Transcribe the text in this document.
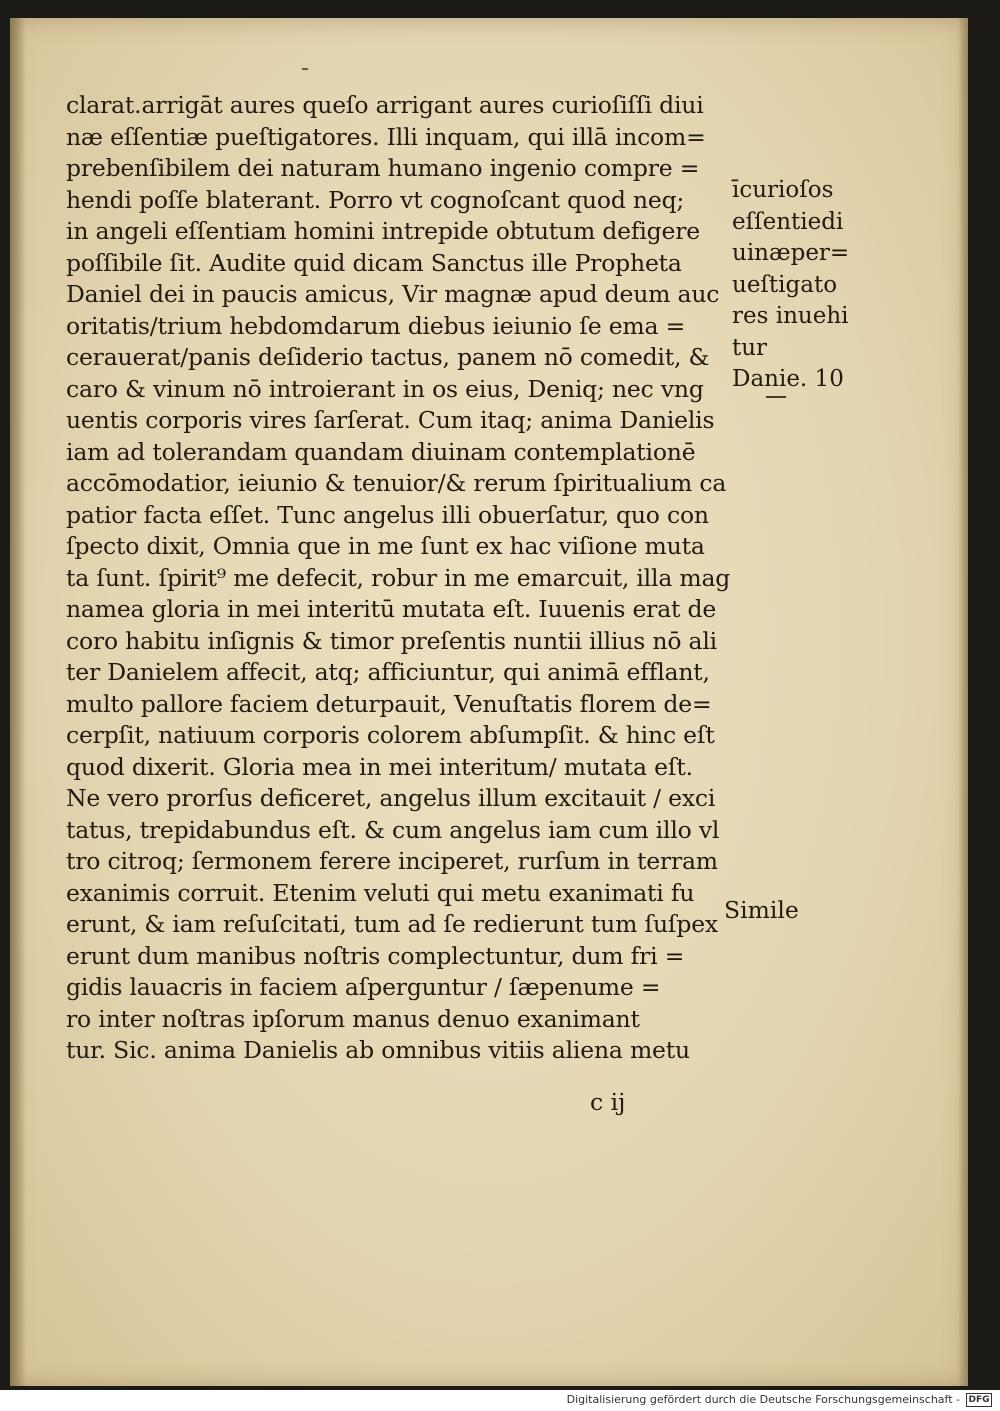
clarat.arrigāt aures queſo arrigant aures curioſiſſi diui
næ eſſentiæ pueſtigatores. Illi inquam, qui illā incom=
prebenſibilem dei naturam humano ingenio compre =
hendi poſſe blaterant. Porro vt cognoſcant quod neq;
in angeli eſſentiam homini intrepide obtutum defigere
poſſibile ſit. Audite quid dicam Sanctus ille Propheta
Daniel dei in paucis amicus, Vir magnæ apud deum auc
oritatis/trium hebdomdarum diebus ieiunio ſe ema =
cerauerat/panis deſiderio tactus, panem nō comedit, &
caro & vinum nō introierant in os eius, Deniq; nec vng
uentis corporis vires ſarſerat. Cum itaq; anima Danielis
iam ad tolerandam quandam diuinam contemplationē
accōmodatior, ieiunio & tenuior/& rerum ſpiritualium ca
patior facta eſſet. Tunc angelus illi obuerſatur, quo con
ſpecto dixit, Omnia que in me ſunt ex hac viſione muta
ta ſunt. ſpirit⁹ me defecit, robur in me emarcuit, illa mag
namea gloria in mei interitū mutata eſt. Iuuenis erat de
coro habitu inſignis & timor preſentis nuntii illius nō ali
ter Danielem affecit, atq; afficiuntur, qui animā efflant,
multo pallore faciem deturpauit, Venuſtatis florem de=
cerpſit, natiuum corporis colorem abſumpſit. & hinc eſt
quod dixerit. Gloria mea in mei interitum/ mutata eſt.
Ne vero prorſus deficeret, angelus illum excitauit / exci
tatus, trepidabundus eſt. & cum angelus iam cum illo vl
tro citroq; ſermonem ferere inciperet, rurſum in terram
exanimis corruit. Etenim veluti qui metu exanimati fu
erunt, & iam reſuſcitati, tum ad ſe redierunt tum ſuſpex
erunt dum manibus noſtris complectuntur, dum fri =
gidis lauacris in faciem aſperguntur / ſæpenume =
ro inter noſtras ipſorum manus denuo exanimant
tur. Sic. anima Danielis ab omnibus vitiis aliena metu
īcurioſos
eſſentiedi
uinæper=
ueſtigato
res inuehi
tur
Danie. 10
Simile
c ij
Digitalisierung gefördert durch die Deutsche Forschungsgemeinschaft - DFG
